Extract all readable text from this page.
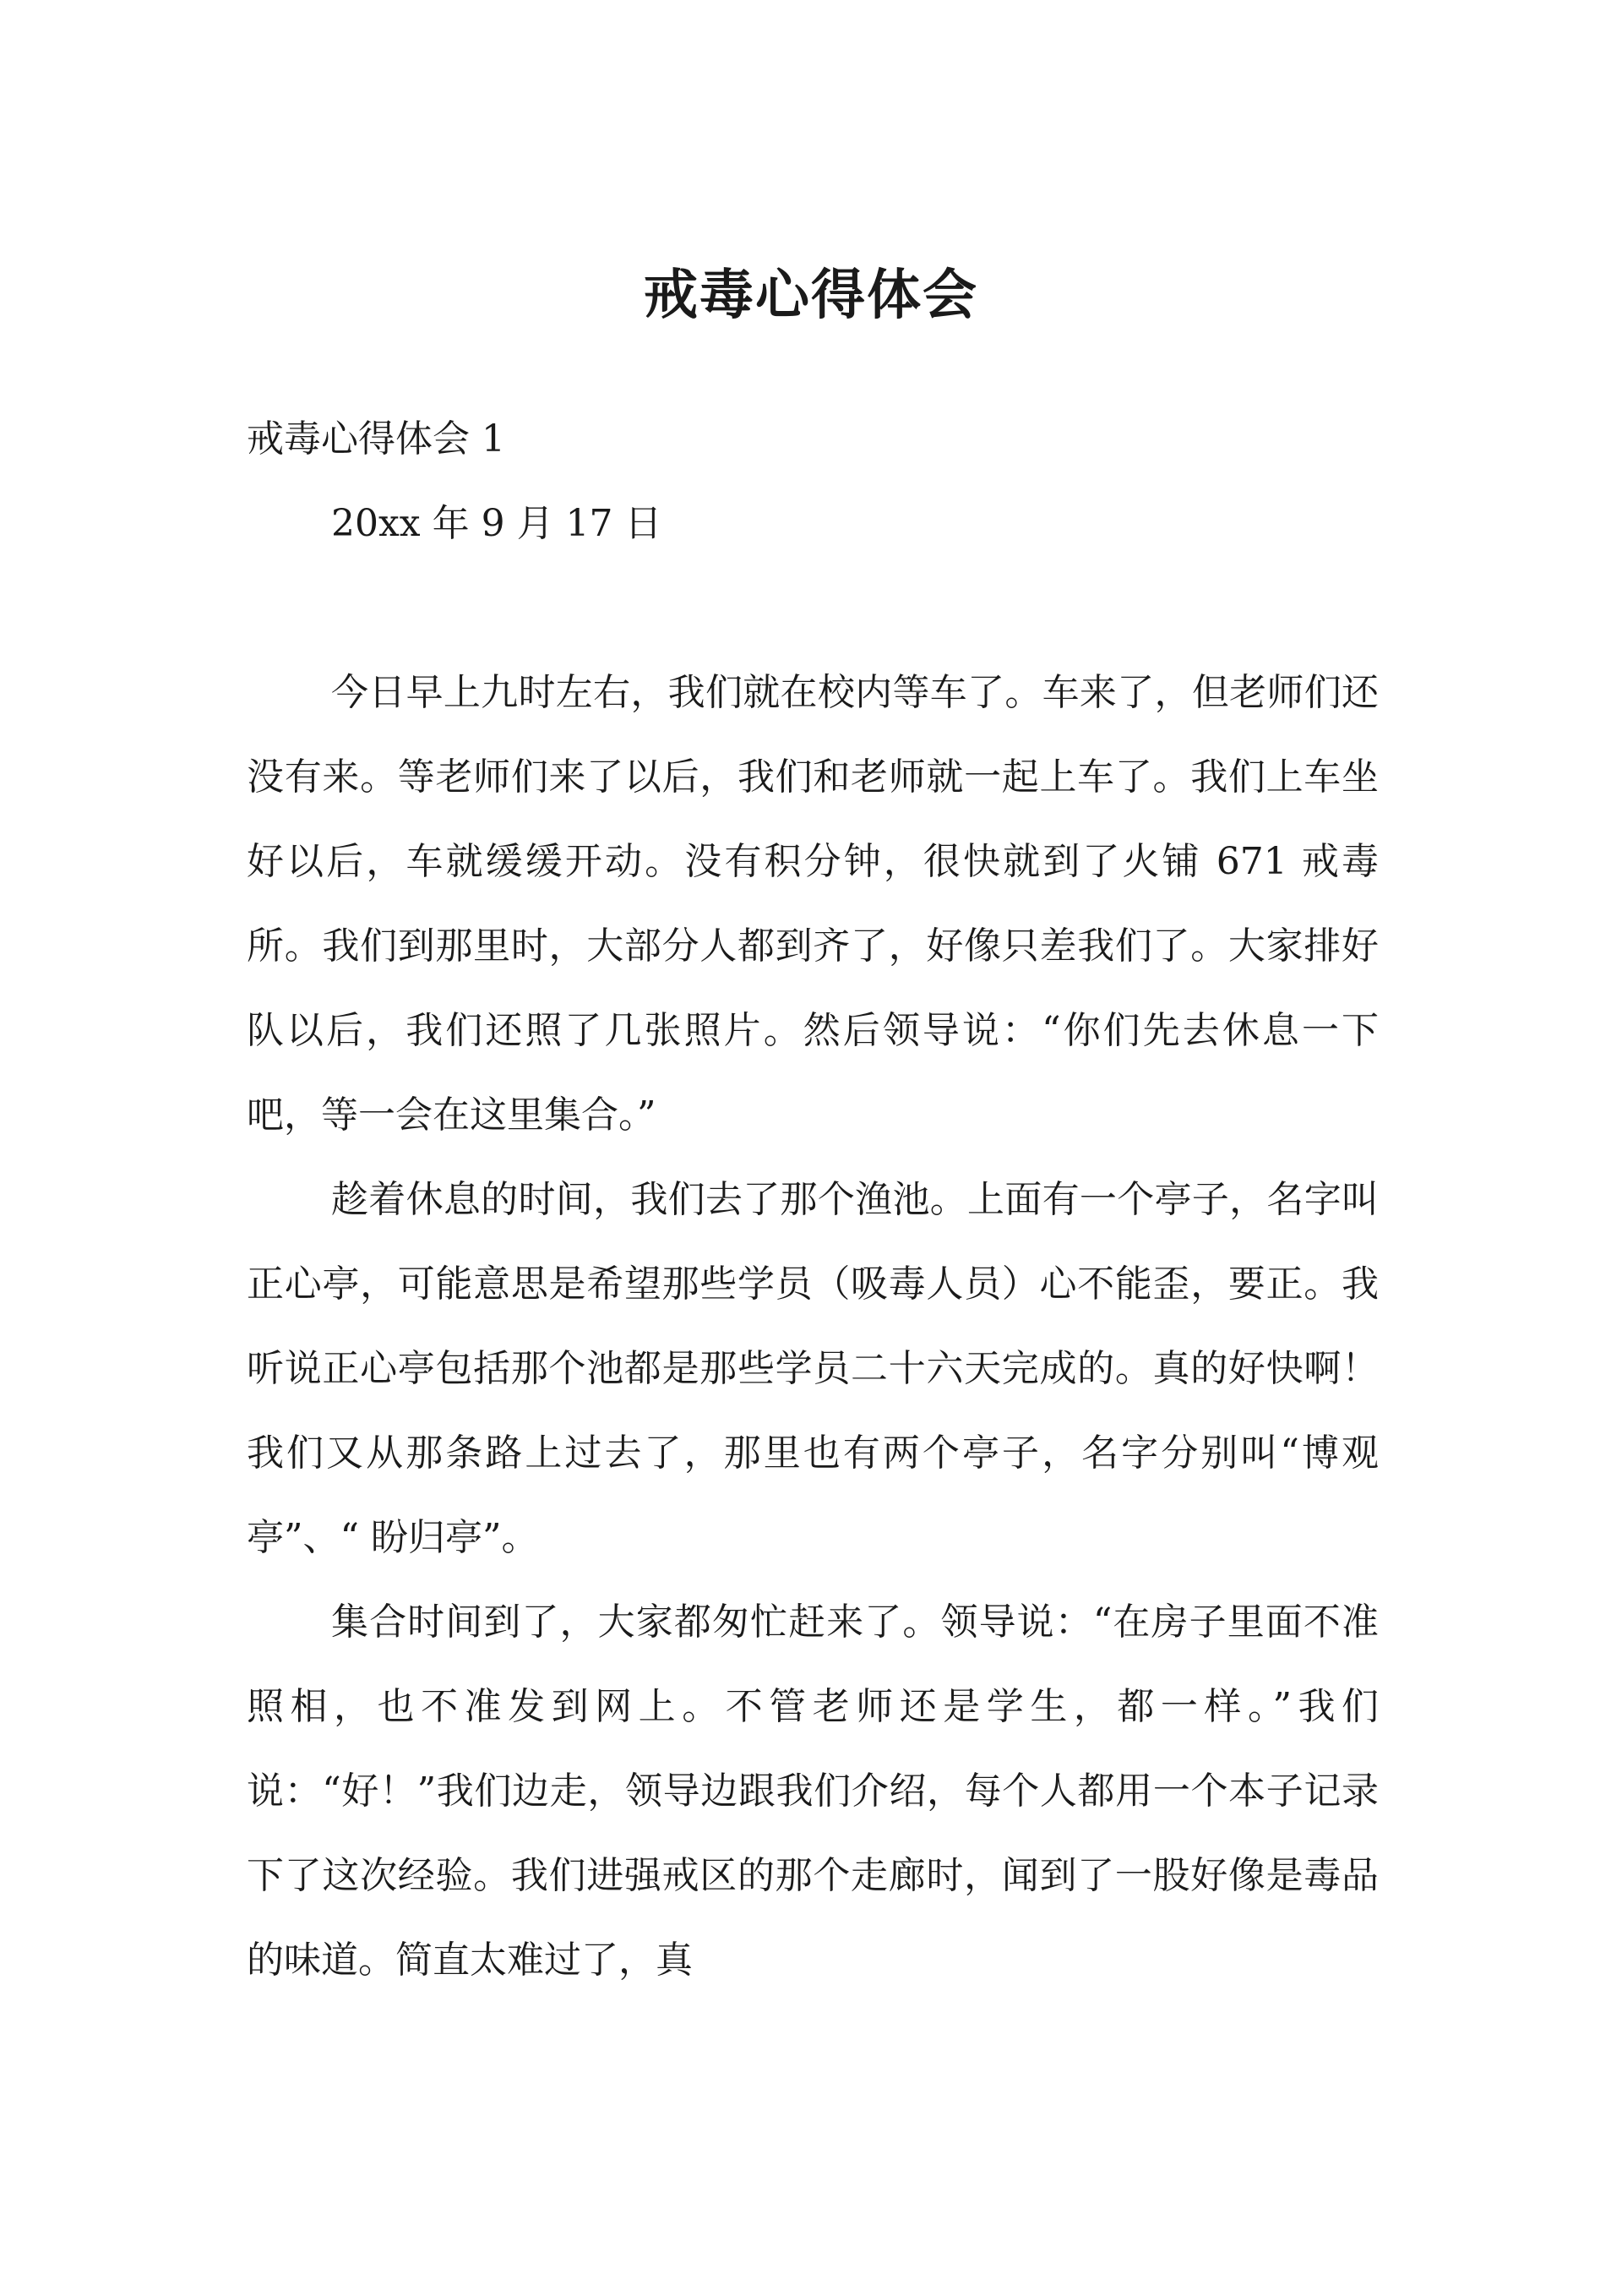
戒毒心得体会

戒毒心得体会 1

20xx 年 9 月 17 日

今日早上九时左右，我们就在校内等车了。车来了，但老师们还没有来。等老师们来了以后，我们和老师就一起上车了。我们上车坐好以后，车就缓缓开动。没有积分钟，很快就到了火铺 671 戒毒所。我们到那里时，大部分人都到齐了，好像只差我们了。大家排好队以后，我们还照了几张照片。然后领导说：“你们先去休息一下吧，等一会在这里集合。”

趁着休息的时间，我们去了那个渔池。上面有一个亭子，名字叫正心亭，可能意思是希望那些学员（吸毒人员）心不能歪，要正。我听说正心亭包括那个池都是那些学员二十六天完成的。真的好快啊！我们又从那条路上过去了，那里也有两个亭子，名字分别叫“博观亭”、“ 盼归亭”。

集合时间到了，大家都匆忙赶来了。领导说：“在房子里面不准照相，也不准发到网上。不管老师还是学生，都一样。”我们说：“好！”我们边走，领导边跟我们介绍，每个人都用一个本子记录下了这次经验。我们进强戒区的那个走廊时，闻到了一股好像是毒品的味道。简直太难过了，真
